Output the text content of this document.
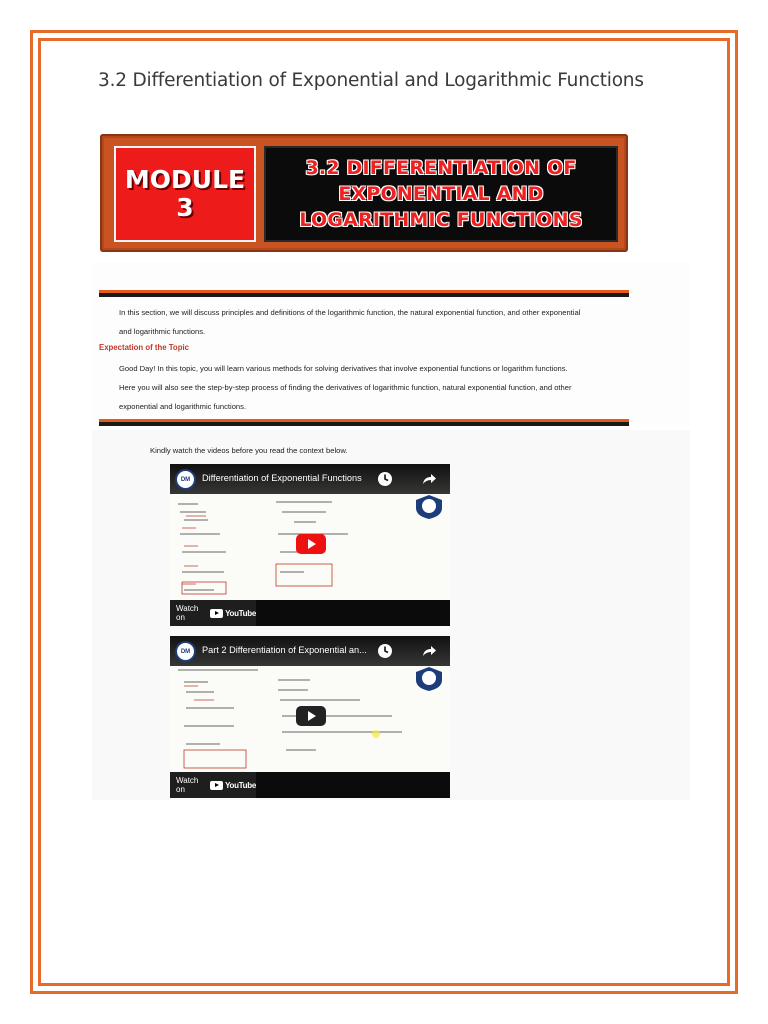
3.2 Differentiation of Exponential and Logarithmic Functions
MODULE
3
3.2 DIFFERENTIATION OF
EXPONENTIAL AND
LOGARITHMIC FUNCTIONS
In this section, we will discuss principles and definitions of the logarithmic function, the natural exponential function, and other exponential
and logarithmic functions.
Expectation of the Topic
Good Day! In this topic, you will learn various methods for solving derivatives that involve exponential functions or logarithm functions.
Here you will also see the step-by-step process of finding the derivatives of logarithmic function, natural exponential function, and other
exponential and logarithmic functions.
Kindly watch the videos before you read the context below.
DM	Differentiation of Exponential Functions
Watch on	YouTube
DM	Part 2 Differentiation of Exponential an...
Watch on	YouTube
